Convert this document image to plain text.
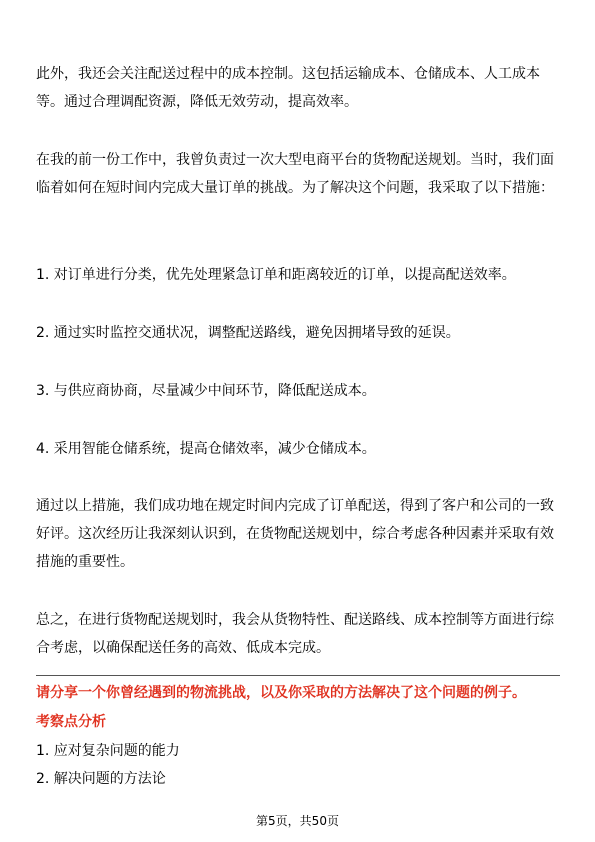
此外，我还会关注配送过程中的成本控制。这包括运输成本、仓储成本、人工成本等。通过合理调配资源，降低无效劳动，提高效率。

在我的前一份工作中，我曾负责过一次大型电商平台的货物配送规划。当时，我们面临着如何在短时间内完成大量订单的挑战。为了解决这个问题，我采取了以下措施：

1. 对订单进行分类，优先处理紧急订单和距离较近的订单，以提高配送效率。

2. 通过实时监控交通状况，调整配送路线，避免因拥堵导致的延误。

3. 与供应商协商，尽量减少中间环节，降低配送成本。

4. 采用智能仓储系统，提高仓储效率，减少仓储成本。

通过以上措施，我们成功地在规定时间内完成了订单配送，得到了客户和公司的一致好评。这次经历让我深刻认识到，在货物配送规划中，综合考虑各种因素并采取有效措施的重要性。

总之，在进行货物配送规划时，我会从货物特性、配送路线、成本控制等方面进行综合考虑，以确保配送任务的高效、低成本完成。

请分享一个你曾经遇到的物流挑战，以及你采取的方法解决了这个问题的例子。

考察点分析

1. 应对复杂问题的能力

2. 解决问题的方法论

第5页，共50页
